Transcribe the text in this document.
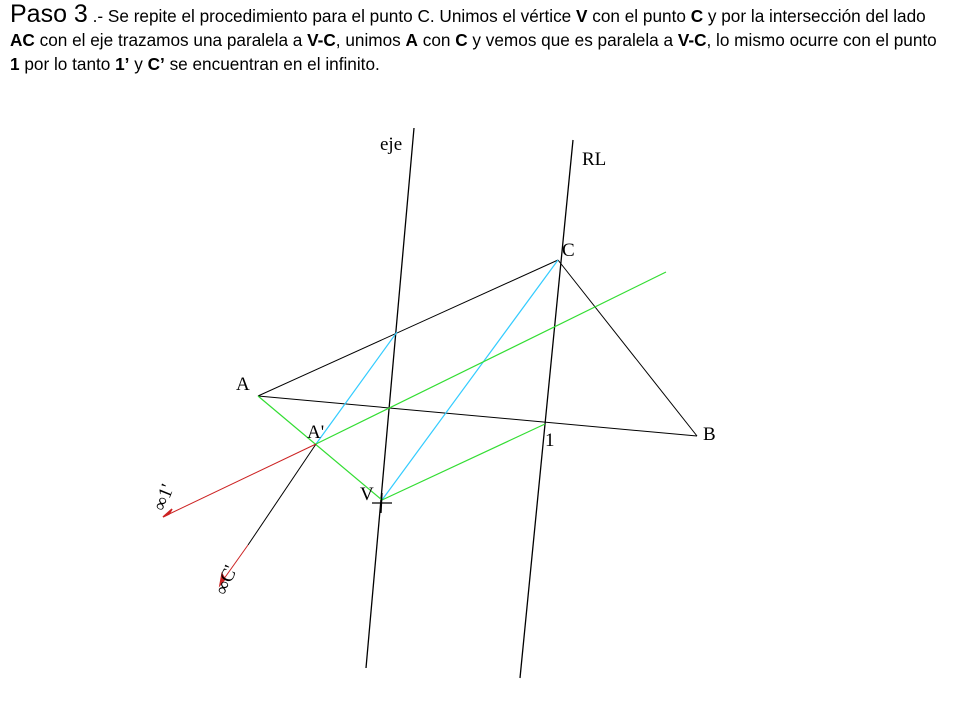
Paso 3 .- Se repite el procedimiento para el punto C. Unimos el vértice V con el punto C y por la intersección del lado AC con el eje trazamos una paralela a V-C, unimos A con C y vemos que es paralela a V-C, lo mismo ocurre con el punto 1 por lo tanto 1’ y C’ se encuentran en el infinito.

eje
RL
C
A
A'	B
1
V
∞1'
∞C'
